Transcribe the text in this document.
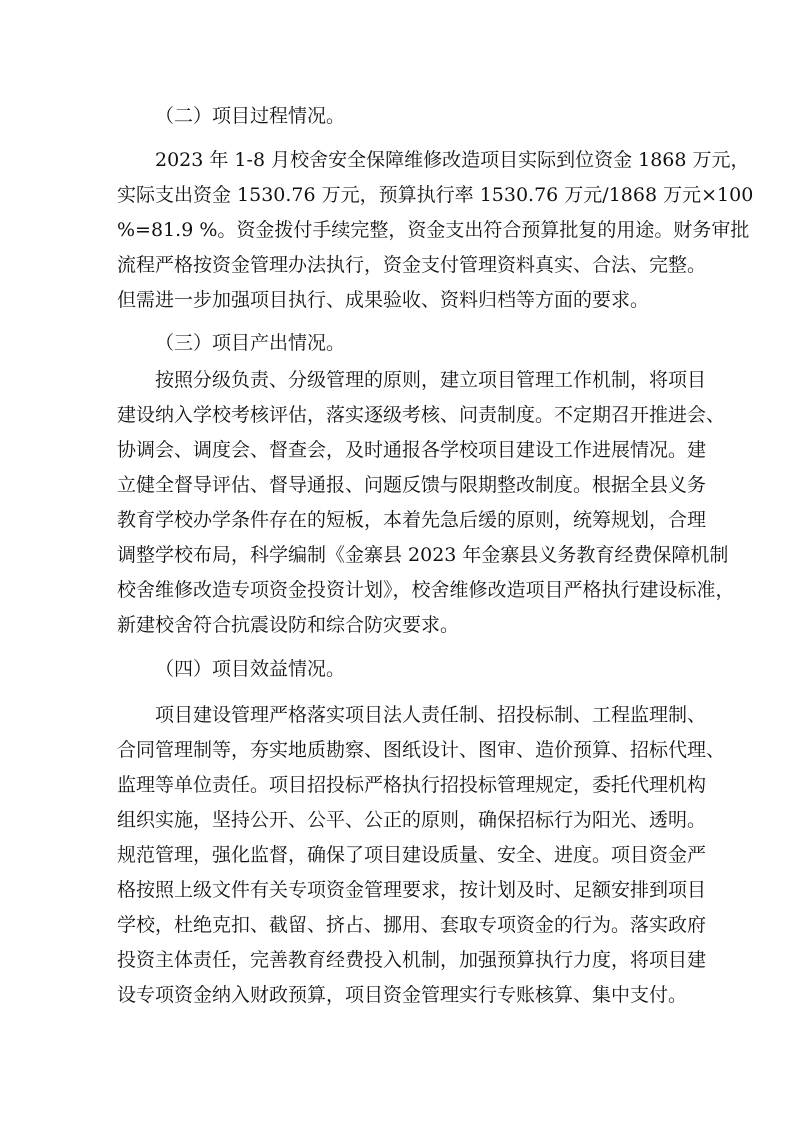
（二）项目过程情况。
2023 年 1-8 月校舍安全保障维修改造项目实际到位资金 1868 万元，
实际支出资金 1530.76 万元，预算执行率 1530.76 万元/1868 万元×100
%=81.9 %。资金拨付手续完整，资金支出符合预算批复的用途。财务审批
流程严格按资金管理办法执行，资金支付管理资料真实、合法、完整。
但需进一步加强项目执行、成果验收、资料归档等方面的要求。
（三）项目产出情况。
按照分级负责、分级管理的原则，建立项目管理工作机制，将项目
建设纳入学校考核评估，落实逐级考核、问责制度。不定期召开推进会、
协调会、调度会、督查会，及时通报各学校项目建设工作进展情况。建
立健全督导评估、督导通报、问题反馈与限期整改制度。根据全县义务
教育学校办学条件存在的短板，本着先急后缓的原则，统筹规划，合理
调整学校布局，科学编制《金寨县 2023 年金寨县义务教育经费保障机制
校舍维修改造专项资金投资计划》，校舍维修改造项目严格执行建设标准，
新建校舍符合抗震设防和综合防灾要求。
（四）项目效益情况。
项目建设管理严格落实项目法人责任制、招投标制、工程监理制、
合同管理制等，夯实地质勘察、图纸设计、图审、造价预算、招标代理、
监理等单位责任。项目招投标严格执行招投标管理规定，委托代理机构
组织实施，坚持公开、公平、公正的原则，确保招标行为阳光、透明。
规范管理，强化监督，确保了项目建设质量、安全、进度。项目资金严
格按照上级文件有关专项资金管理要求，按计划及时、足额安排到项目
学校，杜绝克扣、截留、挤占、挪用、套取专项资金的行为。落实政府
投资主体责任，完善教育经费投入机制，加强预算执行力度，将项目建
设专项资金纳入财政预算，项目资金管理实行专账核算、集中支付。
